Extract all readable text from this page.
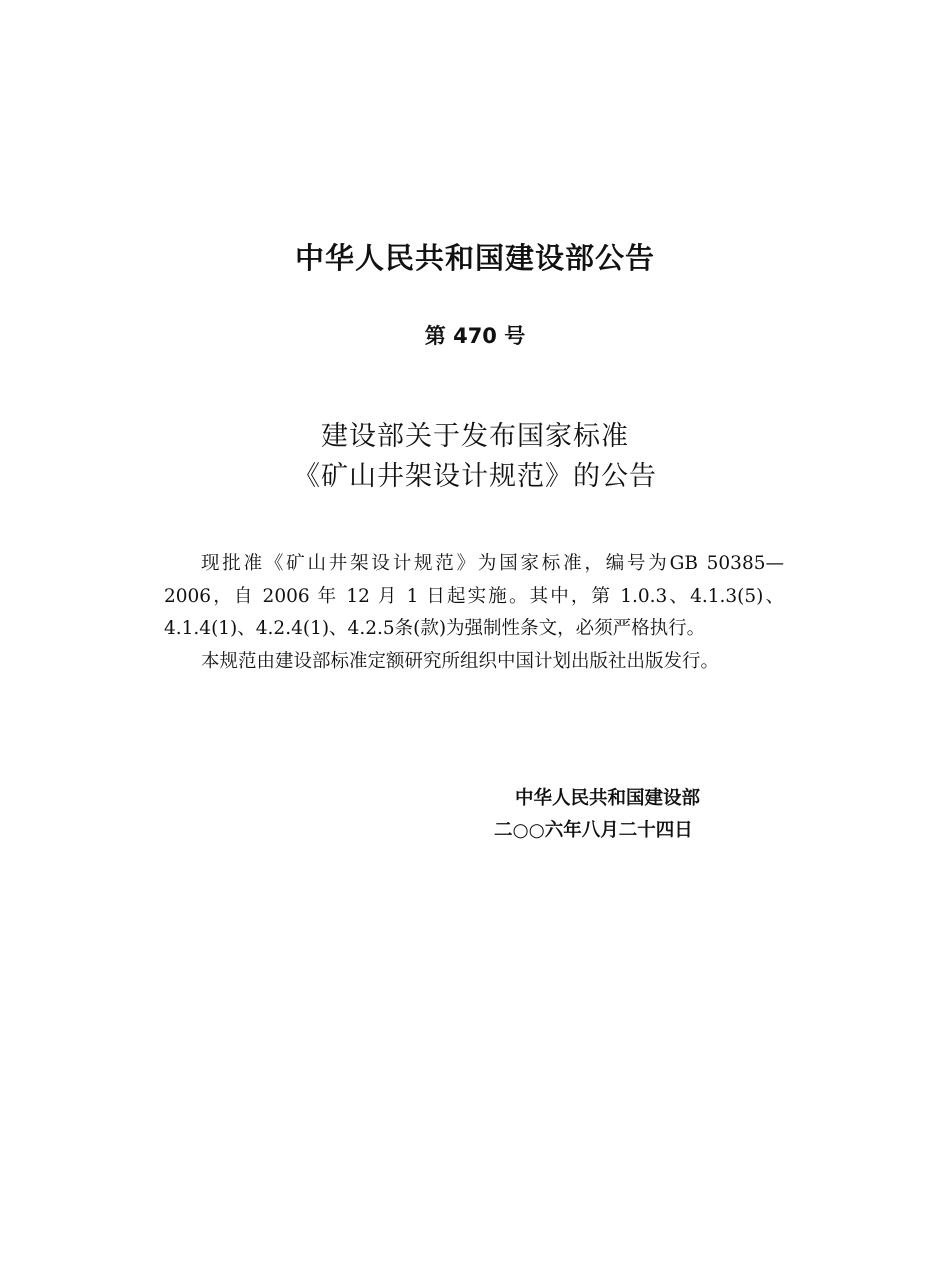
中华人民共和国建设部公告
第 470 号
建设部关于发布国家标准
《矿山井架设计规范》的公告

现批准《矿山井架设计规范》为国家标准，编号为GB 50385—2006，自 2006 年 12 月 1 日起实施。其中，第 1.0.3、4.1.3(5)、4.1.4(1)、4.2.4(1)、4.2.5条(款)为强制性条文，必须严格执行。

本规范由建设部标准定额研究所组织中国计划出版社出版发行。

中华人民共和国建设部
二○○六年八月二十四日
